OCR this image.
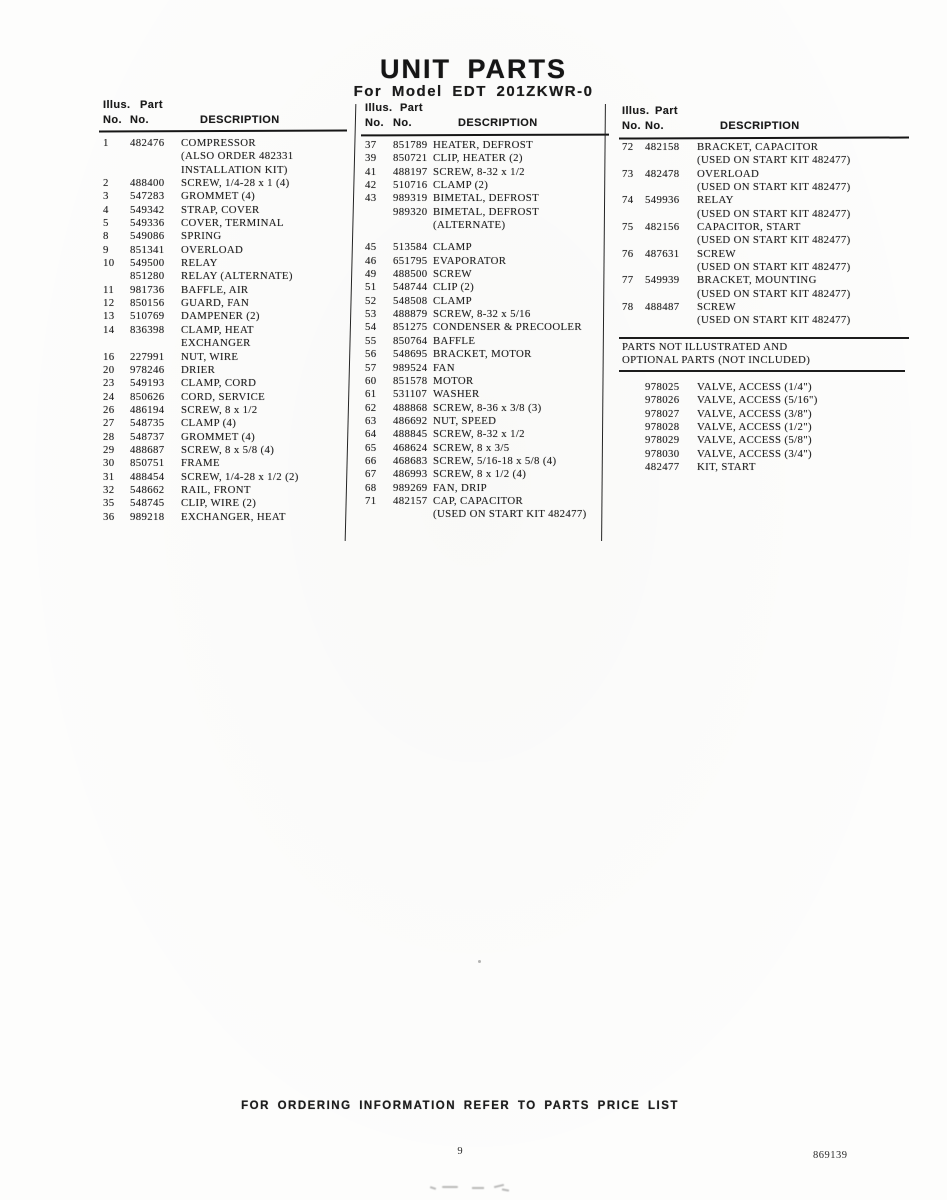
UNIT PARTS
For Model EDT 201ZKWR-0
Illus. Part
No. No.	DESCRIPTION
1 482476 COMPRESSOR
(ALSO ORDER 482331
INSTALLATION KIT)
2 488400 SCREW, 1/4-28 x 1 (4)
3 547283 GROMMET (4)
4 549342 STRAP, COVER
5 549336 COVER, TERMINAL
8 549086 SPRING
9 851341 OVERLOAD
10 549500 RELAY
851280 RELAY (ALTERNATE)
11 981736 BAFFLE, AIR
12 850156 GUARD, FAN
13 510769 DAMPENER (2)
14 836398 CLAMP, HEAT
EXCHANGER
16 227991 NUT, WIRE
20 978246 DRIER
23 549193 CLAMP, CORD
24 850626 CORD, SERVICE
26 486194 SCREW, 8 x 1/2
27 548735 CLAMP (4)
28 548737 GROMMET (4)
29 488687 SCREW, 8 x 5/8 (4)
30 850751 FRAME
31 488454 SCREW, 1/4-28 x 1/2 (2)
32 548662 RAIL, FRONT
35 548745 CLIP, WIRE (2)
36 989218 EXCHANGER, HEAT
Illus. Part
No. No.	DESCRIPTION
37 851789 HEATER, DEFROST
39 850721 CLIP, HEATER (2)
41 488197 SCREW, 8-32 x 1/2
42 510716 CLAMP (2)
43 989319 BIMETAL, DEFROST
989320 BIMETAL, DEFROST
(ALTERNATE)
45 513584 CLAMP
46 651795 EVAPORATOR
49 488500 SCREW
51 548744 CLIP (2)
52 548508 CLAMP
53 488879 SCREW, 8-32 x 5/16
54 851275 CONDENSER & PRECOOLER
55 850764 BAFFLE
56 548695 BRACKET, MOTOR
57 989524 FAN
60 851578 MOTOR
61 531107 WASHER
62 488868 SCREW, 8-36 x 3/8 (3)
63 486692 NUT, SPEED
64 488845 SCREW, 8-32 x 1/2
65 468624 SCREW, 8 x 3/5
66 468683 SCREW, 5/16-18 x 5/8 (4)
67 486993 SCREW, 8 x 1/2 (4)
68 989269 FAN, DRIP
71 482157 CAP, CAPACITOR
(USED ON START KIT 482477)
Illus. Part
No. No.	DESCRIPTION
72 482158 BRACKET, CAPACITOR
(USED ON START KIT 482477)
73 482478 OVERLOAD
(USED ON START KIT 482477)
74 549936 RELAY
(USED ON START KIT 482477)
75 482156 CAPACITOR, START
(USED ON START KIT 482477)
76 487631 SCREW
(USED ON START KIT 482477)
77 549939 BRACKET, MOUNTING
(USED ON START KIT 482477)
78 488487 SCREW
(USED ON START KIT 482477)
PARTS NOT ILLUSTRATED AND
OPTIONAL PARTS (NOT INCLUDED)
978025 VALVE, ACCESS (1/4")
978026 VALVE, ACCESS (5/16")
978027 VALVE, ACCESS (3/8")
978028 VALVE, ACCESS (1/2")
978029 VALVE, ACCESS (5/8")
978030 VALVE, ACCESS (3/4")
482477 KIT, START
FOR ORDERING INFORMATION REFER TO PARTS PRICE LIST
9	869139
